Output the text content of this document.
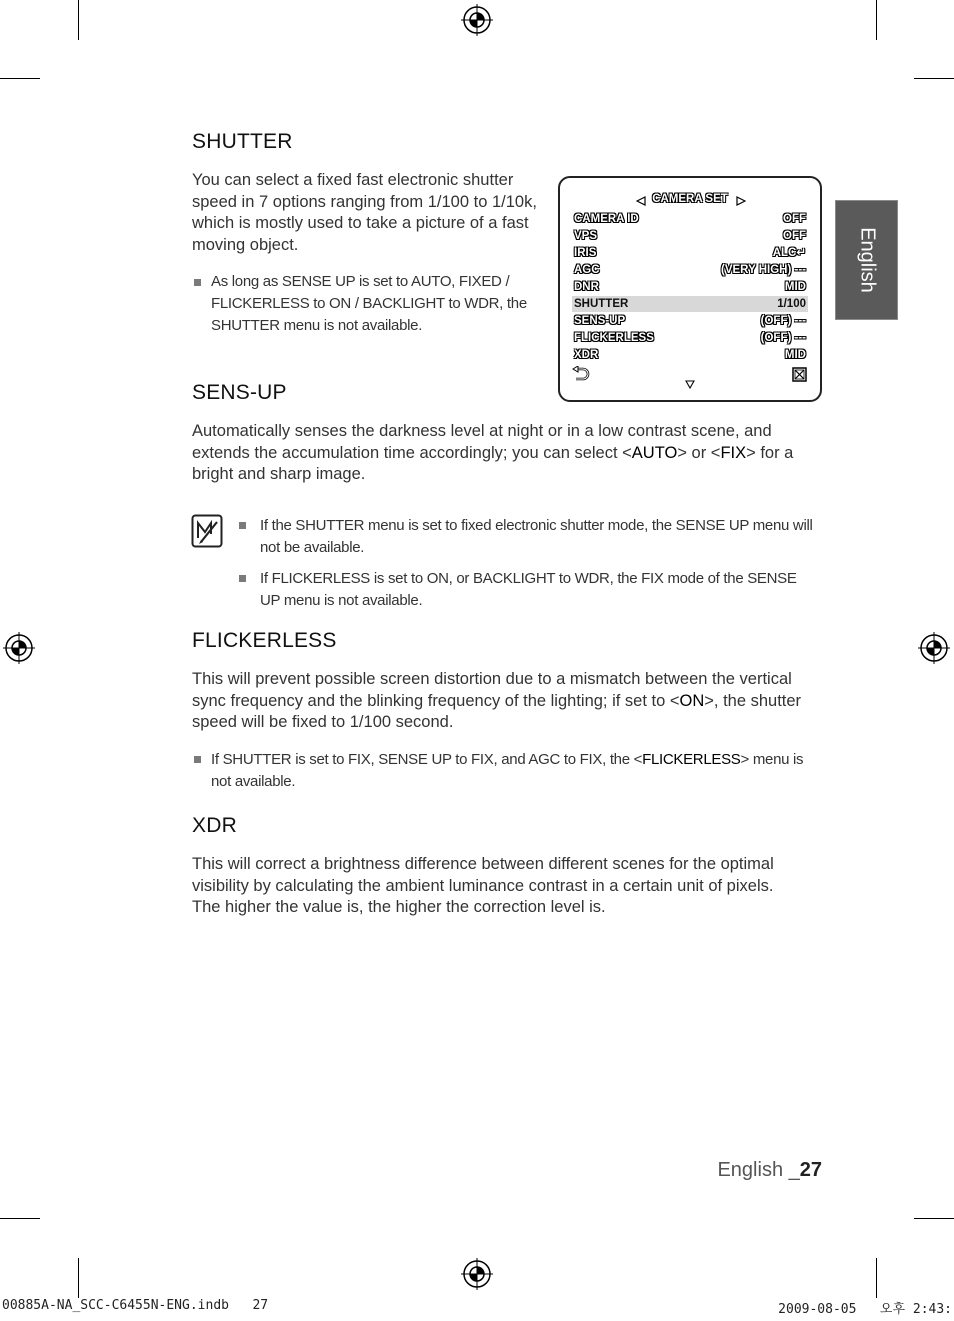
English
SHUTTER

You can select a fixed fast electronic shutter speed in 7 options ranging from 1/100 to 1/10k, which is mostly used to take a picture of a fast moving object.

As long as SENSE UP is set to AUTO, FIXED / FLICKERLESS to ON / BACKLIGHT to WDR, the SHUTTER menu is not available.

CAMERA SET
CAMERA ID	OFF
VPS	OFF
IRIS	ALC↵
AGC	(VERY HIGH) ---
DNR	MID
SHUTTER	1/100
SENS-UP	(OFF) ---
FLICKERLESS	(OFF) ---
XDR	MID
SENS-UP

Automatically senses the darkness level at night or in a low contrast scene, and extends the accumulation time accordingly; you can select <AUTO> or <FIX> for a bright and sharp image.

If the SHUTTER menu is set to fixed electronic shutter mode, the SENSE UP menu will not be available.

If FLICKERLESS is set to ON, or BACKLIGHT to WDR, the FIX mode of the SENSE UP menu is not available.

FLICKERLESS

This will prevent possible screen distortion due to a mismatch between the vertical sync frequency and the blinking frequency of the lighting; if set to <ON>, the shutter speed will be fixed to 1/100 second.

If SHUTTER is set to FIX, SENSE UP to FIX, and AGC to FIX, the <FLICKERLESS> menu is not available.

XDR

This will correct a brightness difference between different scenes for the optimal visibility by calculating the ambient luminance contrast in a certain unit of pixels. The higher the value is, the higher the correction level is.

English _27
00885A-NA_SCC-C6455N-ENG.indb   27	2009-08-05   오후 2:43:
